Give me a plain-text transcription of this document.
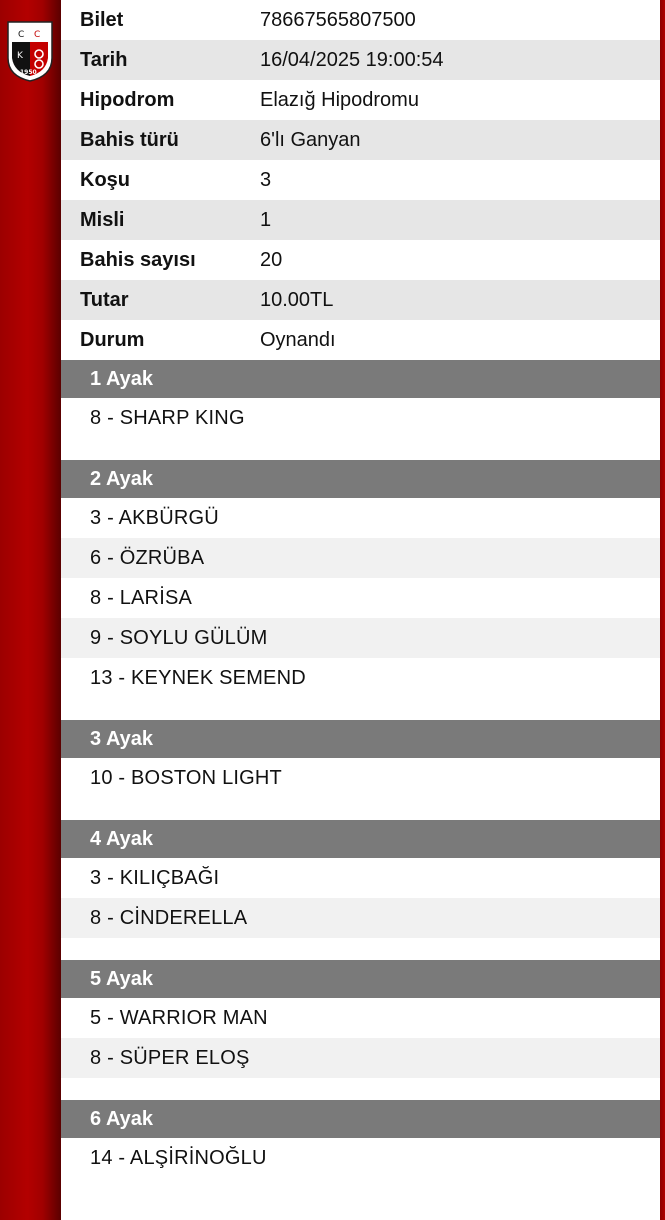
C C
K
1950
Bilet	78667565807500
Tarih	16/04/2025 19:00:54
Hipodrom	Elazığ Hipodromu
Bahis türü	6'lı Ganyan
Koşu	3
Misli	1
Bahis sayısı	20
Tutar	10.00TL
Durum	Oynandı
1 Ayak
8 - SHARP KING
2 Ayak
3 - AKBÜRGÜ
6 - ÖZRÜBA
8 - LARİSA
9 - SOYLU GÜLÜM
13 - KEYNEK SEMEND
3 Ayak
10 - BOSTON LIGHT
4 Ayak
3 - KILIÇBAĞI
8 - CİNDERELLA
5 Ayak
5 - WARRIOR MAN
8 - SÜPER ELOŞ
6 Ayak
14 - ALŞİRİNOĞLU
